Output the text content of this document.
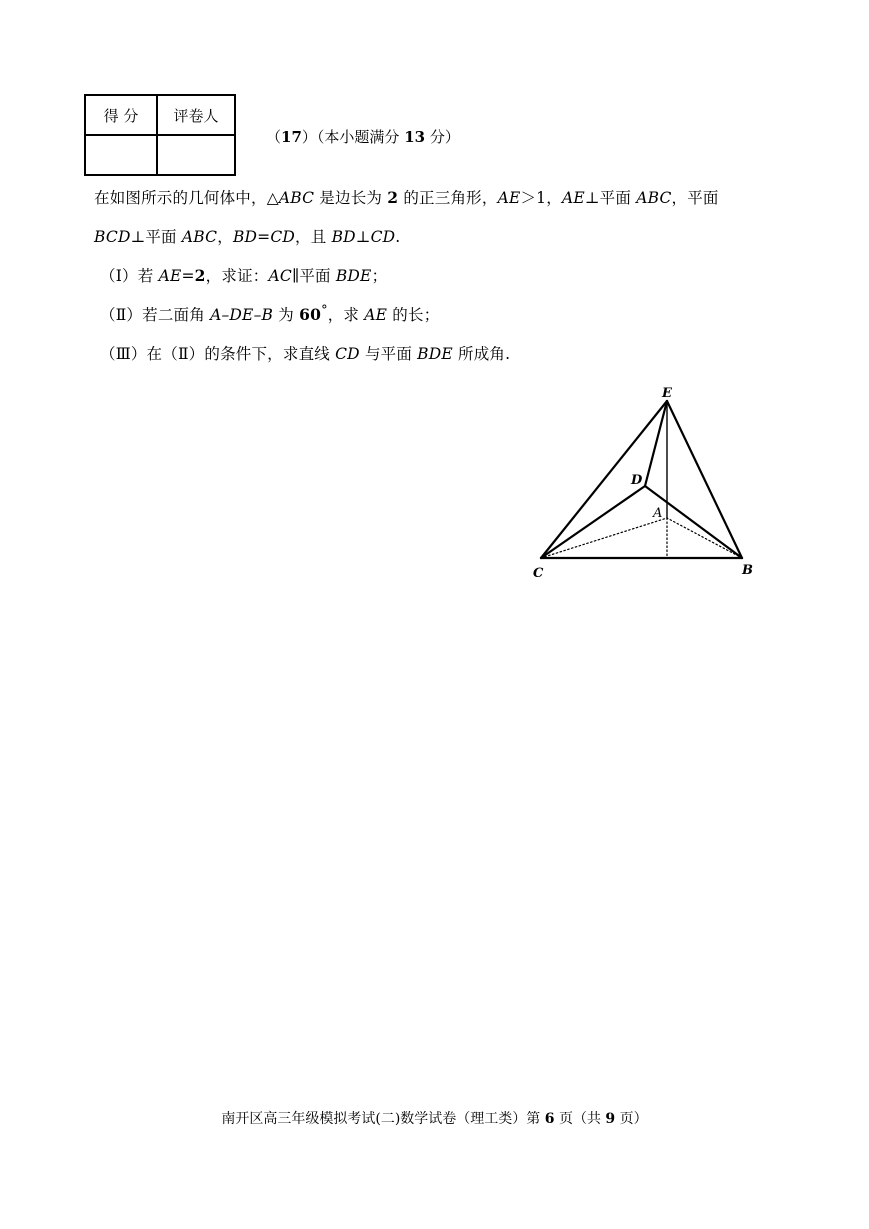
得 分	评卷人

（17）（本小题满分 13 分）
在如图所示的几何体中，△ABC 是边长为 2 的正三角形，AE＞1，AE⊥平面 ABC，平面
BCD⊥平面 ABC，BD=CD，且 BD⊥CD.
（Ⅰ）若 AE=2，求证：AC∥平面 BDE；
（Ⅱ）若二面角 A–DE–B 为 60°，求 AE 的长；
（Ⅲ）在（Ⅱ）的条件下，求直线 CD 与平面 BDE 所成角.
E
D
A
C	B
南开区高三年级模拟考试(二)数学试卷（理工类）第 6 页（共 9 页）
